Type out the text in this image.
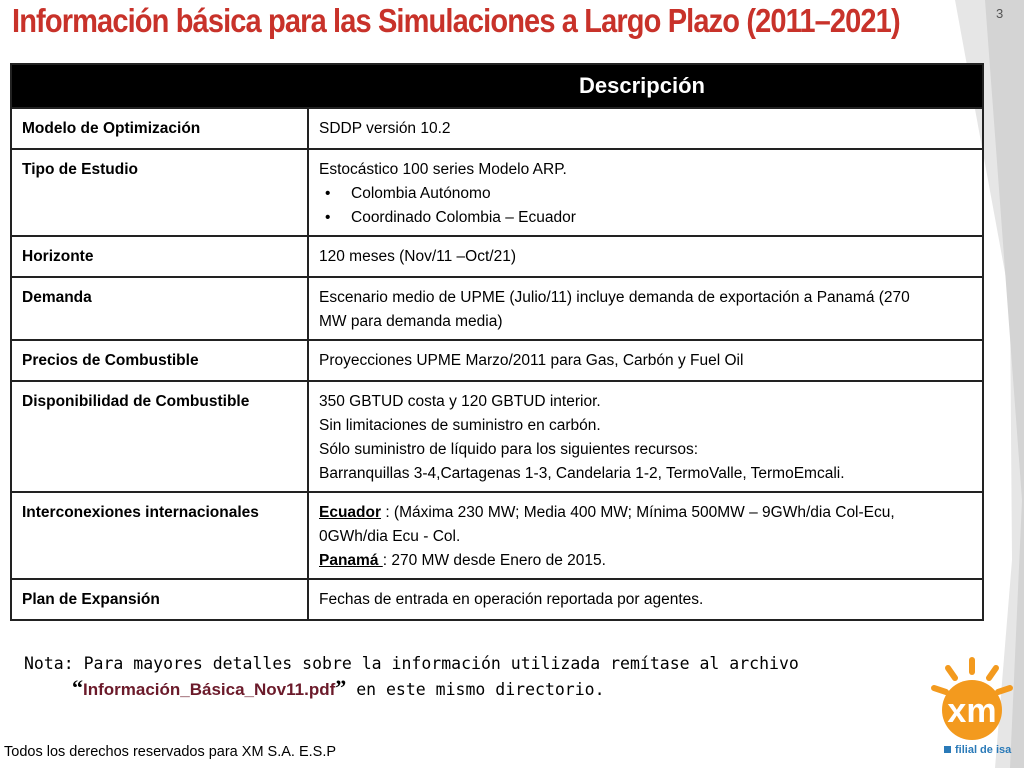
Información básica para las Simulaciones a Largo Plazo (2011–2021)	3
Descripción	

Modelo de Optimización	SDDP versión 10.2
Tipo de Estudio	Estocástico 100 series Modelo ARP.
• Colombia Autónomo
• Coordinado Colombia – Ecuador

Horizonte	120 meses (Nov/11 –Oct/21)
Demanda	Escenario medio de UPME (Julio/11) incluye demanda de exportación a Panamá (270
MW para demanda media)

Precios de Combustible	Proyecciones UPME Marzo/2011 para Gas, Carbón y Fuel Oil
Disponibilidad de Combustible	350 GBTUD costa y 120 GBTUD interior.
Sin limitaciones de suministro en carbón.
Sólo suministro de líquido para los siguientes recursos:
Barranquillas 3-4,Cartagenas 1-3, Candelaria 1-2, TermoValle, TermoEmcali.

Interconexiones internacionales	Ecuador : (Máxima 230 MW; Media 400 MW; Mínima 500MW – 9GWh/dia Col-Ecu,
0GWh/dia Ecu - Col.
Panamá : 270 MW desde Enero de 2015.

Plan de Expansión	Fechas de entrada en operación reportada por agentes.
Nota: Para mayores detalles sobre la información utilizada remítase al archivo
“Información_Básica_Nov11.pdf” en este mismo directorio.
Todos los derechos reservados para XM S.A. E.S.P
xm
filial de isa
